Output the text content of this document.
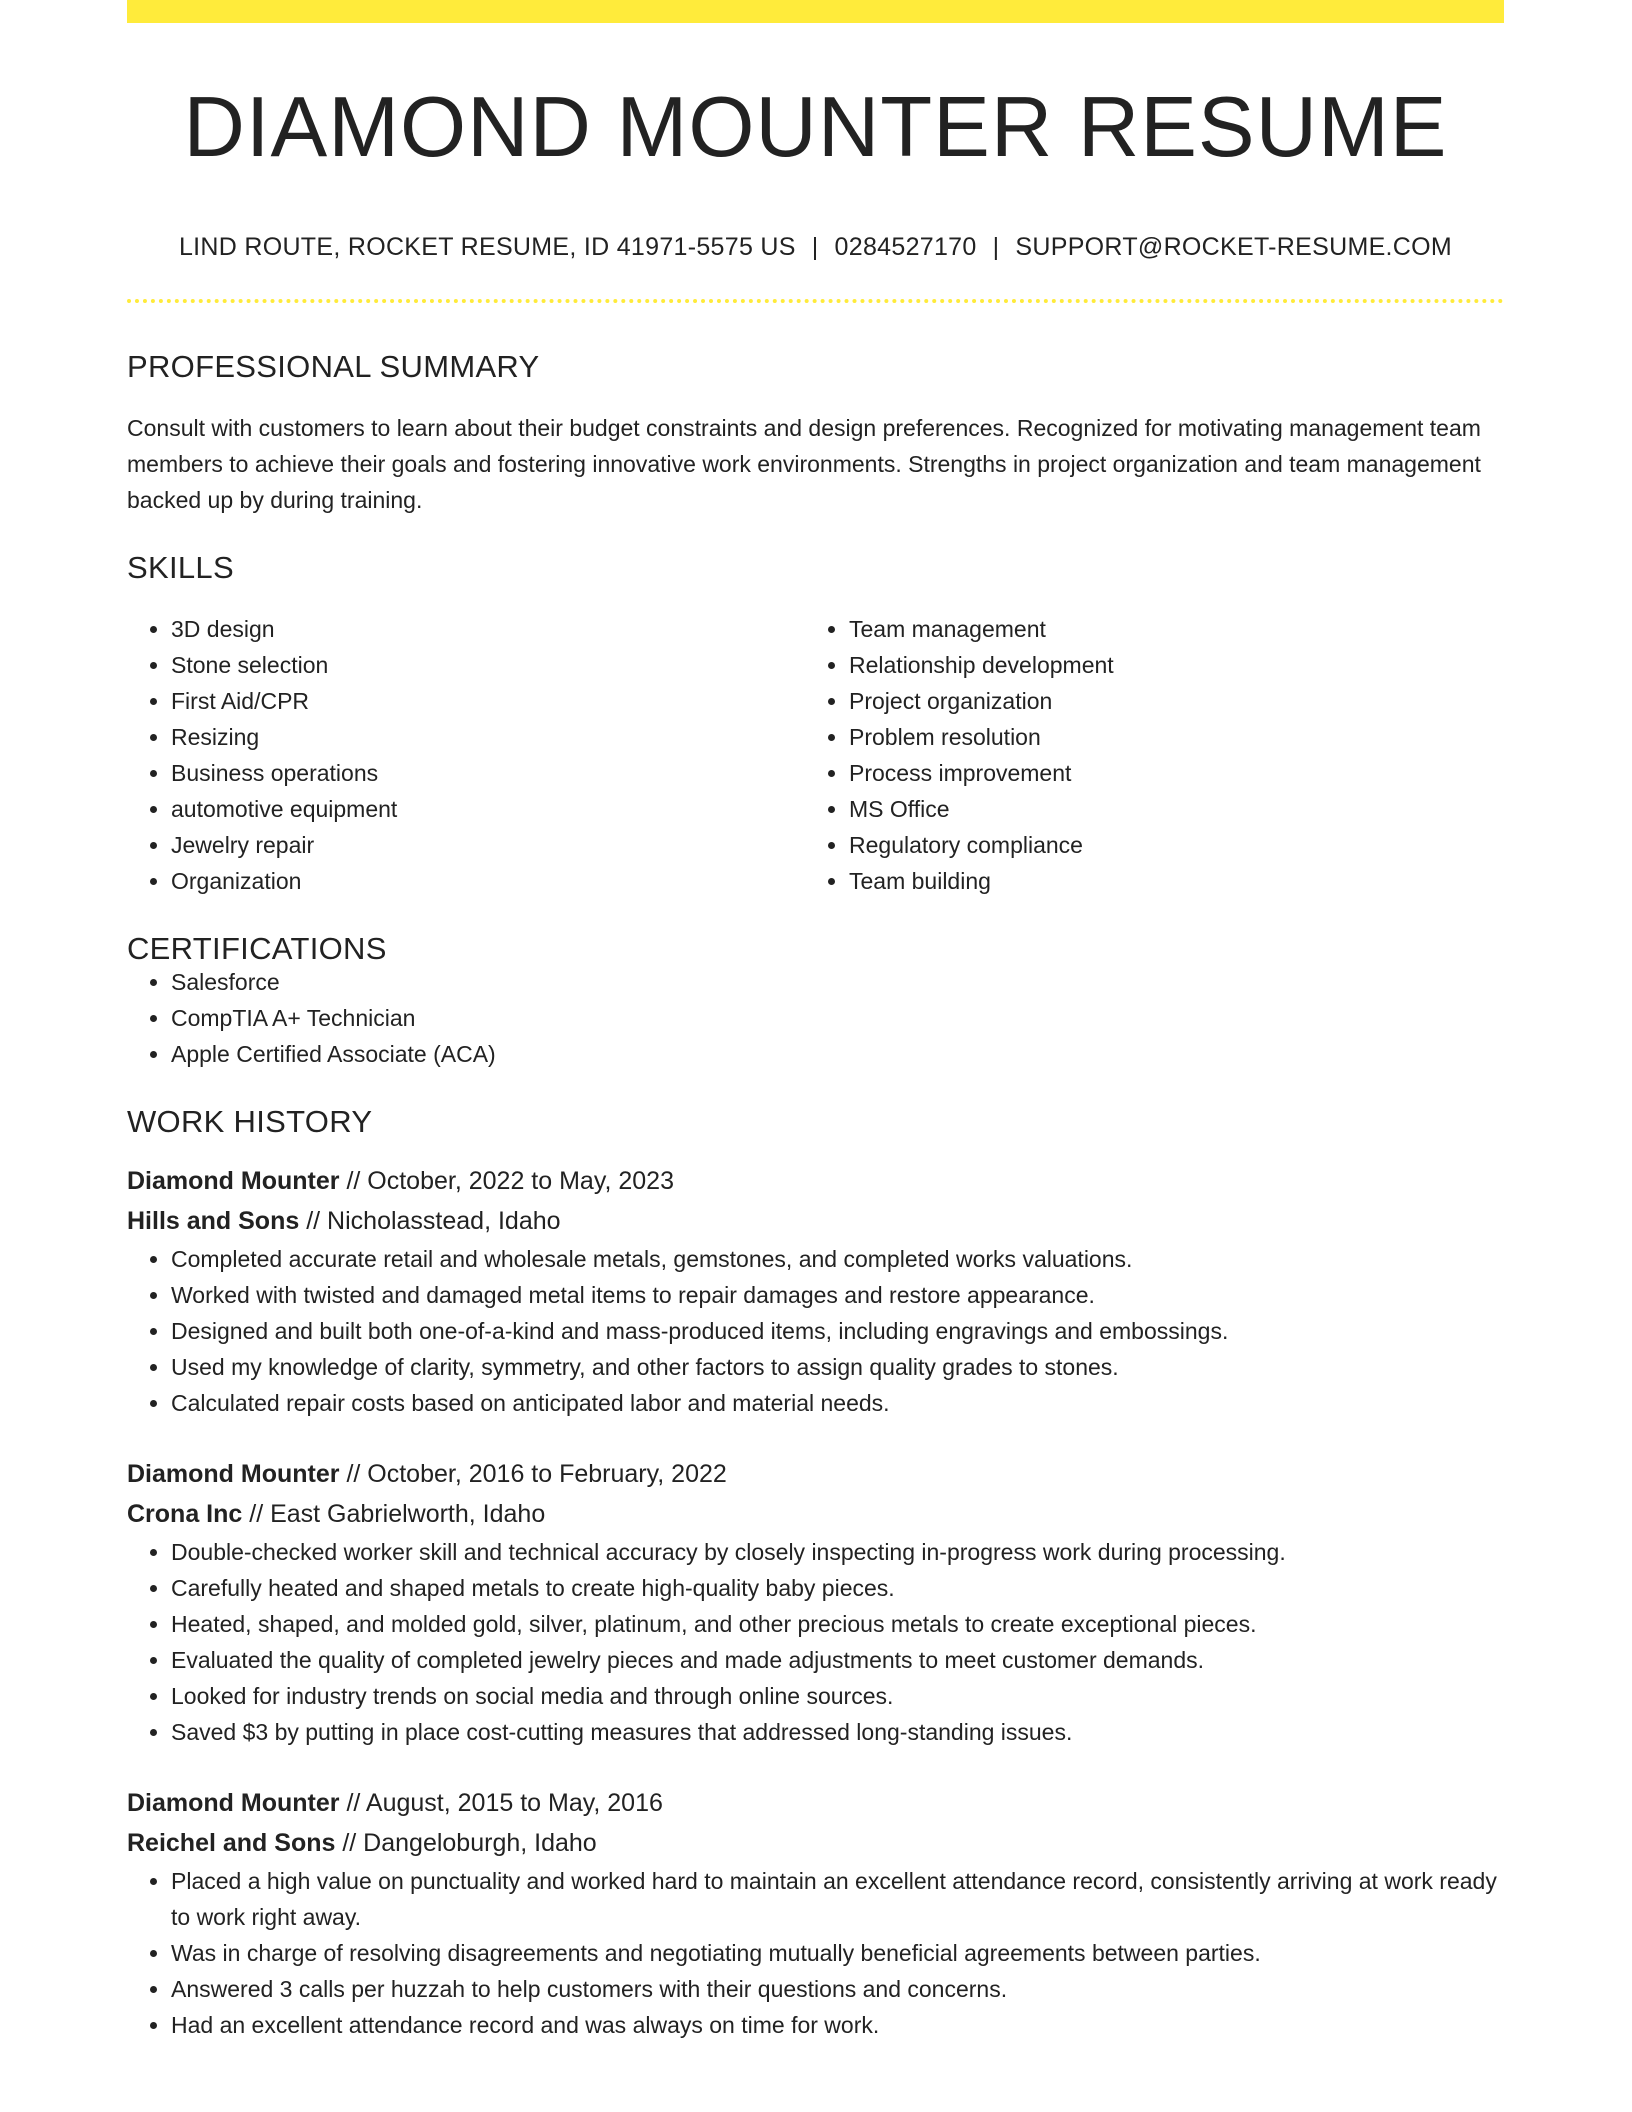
DIAMOND MOUNTER RESUME
LIND ROUTE, ROCKET RESUME, ID 41971-5575 US | 0284527170 | SUPPORT@ROCKET-RESUME.COM
PROFESSIONAL SUMMARY

Consult with customers to learn about their budget constraints and design preferences. Recognized for motivating management team members to achieve their goals and fostering innovative work environments. Strengths in project organization and team management backed up by during training.

SKILLS
• 3D design
• Stone selection
• First Aid/CPR
• Resizing
• Business operations
• automotive equipment
• Jewelry repair
• Organization
• Team management
• Relationship development
• Project organization
• Problem resolution
• Process improvement
• MS Office
• Regulatory compliance
• Team building
CERTIFICATIONS
• Salesforce
• CompTIA A+ Technician
• Apple Certified Associate (ACA)
WORK HISTORY
Diamond Mounter // October, 2022 to May, 2023
Hills and Sons // Nicholasstead, Idaho
• Completed accurate retail and wholesale metals, gemstones, and completed works valuations.
• Worked with twisted and damaged metal items to repair damages and restore appearance.
• Designed and built both one-of-a-kind and mass-produced items, including engravings and embossings.
• Used my knowledge of clarity, symmetry, and other factors to assign quality grades to stones.
• Calculated repair costs based on anticipated labor and material needs.
Diamond Mounter // October, 2016 to February, 2022
Crona Inc // East Gabrielworth, Idaho
• Double-checked worker skill and technical accuracy by closely inspecting in-progress work during processing.
• Carefully heated and shaped metals to create high-quality baby pieces.
• Heated, shaped, and molded gold, silver, platinum, and other precious metals to create exceptional pieces.
• Evaluated the quality of completed jewelry pieces and made adjustments to meet customer demands.
• Looked for industry trends on social media and through online sources.
• Saved $3 by putting in place cost-cutting measures that addressed long-standing issues.
Diamond Mounter // August, 2015 to May, 2016
Reichel and Sons // Dangeloburgh, Idaho
• Placed a high value on punctuality and worked hard to maintain an excellent attendance record, consistently arriving at work ready to work right away.
• Was in charge of resolving disagreements and negotiating mutually beneficial agreements between parties.
• Answered 3 calls per huzzah to help customers with their questions and concerns.
• Had an excellent attendance record and was always on time for work.
